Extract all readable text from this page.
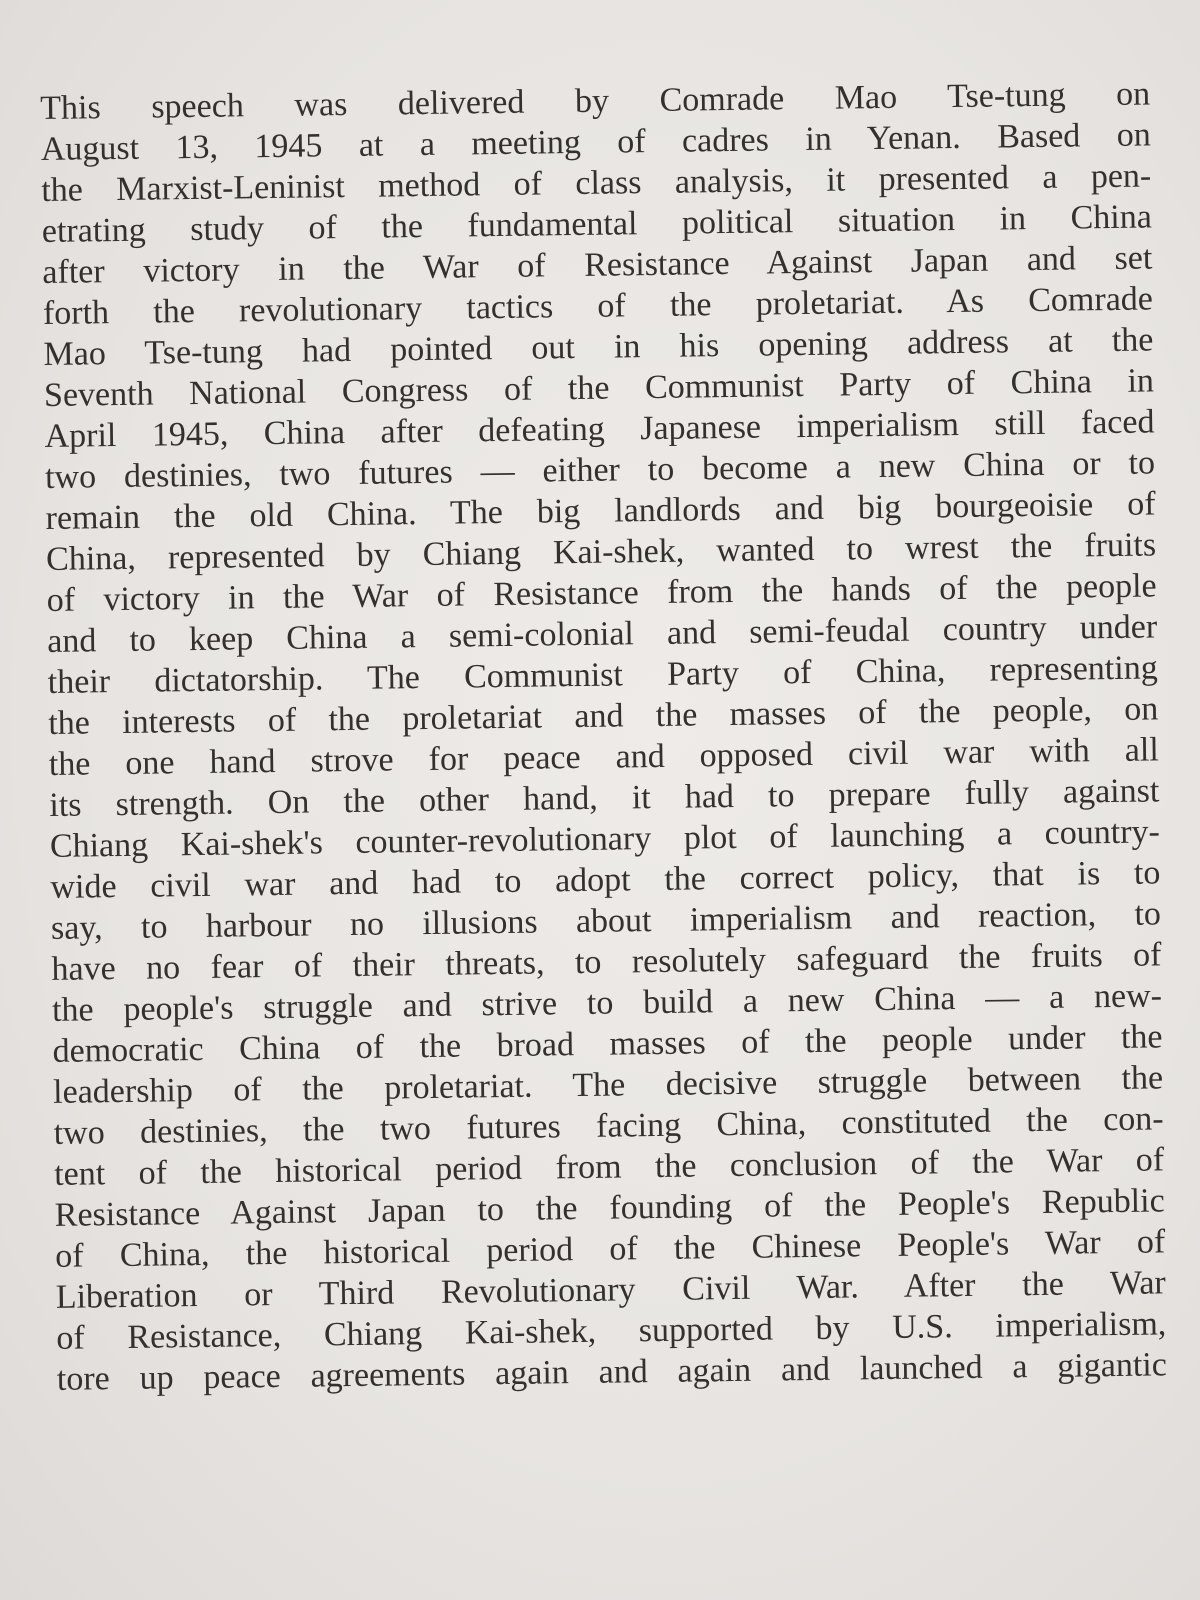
This speech was delivered by Comrade Mao Tse-tung on
August 13, 1945 at a meeting of cadres in Yenan. Based on
the Marxist-Leninist method of class analysis, it presented a pen-
etrating study of the fundamental political situation in China
after victory in the War of Resistance Against Japan and set
forth the revolutionary tactics of the proletariat. As Comrade
Mao Tse-tung had pointed out in his opening address at the
Seventh National Congress of the Communist Party of China in
April 1945, China after defeating Japanese imperialism still faced
two destinies, two futures — either to become a new China or to
remain the old China. The big landlords and big bourgeoisie of
China, represented by Chiang Kai-shek, wanted to wrest the fruits
of victory in the War of Resistance from the hands of the people
and to keep China a semi-colonial and semi-feudal country under
their dictatorship. The Communist Party of China, representing
the interests of the proletariat and the masses of the people, on
the one hand strove for peace and opposed civil war with all
its strength. On the other hand, it had to prepare fully against
Chiang Kai-shek's counter-revolutionary plot of launching a country-
wide civil war and had to adopt the correct policy, that is to
say, to harbour no illusions about imperialism and reaction, to
have no fear of their threats, to resolutely safeguard the fruits of
the people's struggle and strive to build a new China — a new-
democratic China of the broad masses of the people under the
leadership of the proletariat. The decisive struggle between the
two destinies, the two futures facing China, constituted the con-
tent of the historical period from the conclusion of the War of
Resistance Against Japan to the founding of the People's Republic
of China, the historical period of the Chinese People's War of
Liberation or Third Revolutionary Civil War. After the War
of Resistance, Chiang Kai-shek, supported by U.S. imperialism,
tore up peace agreements again and again and launched a gigantic
